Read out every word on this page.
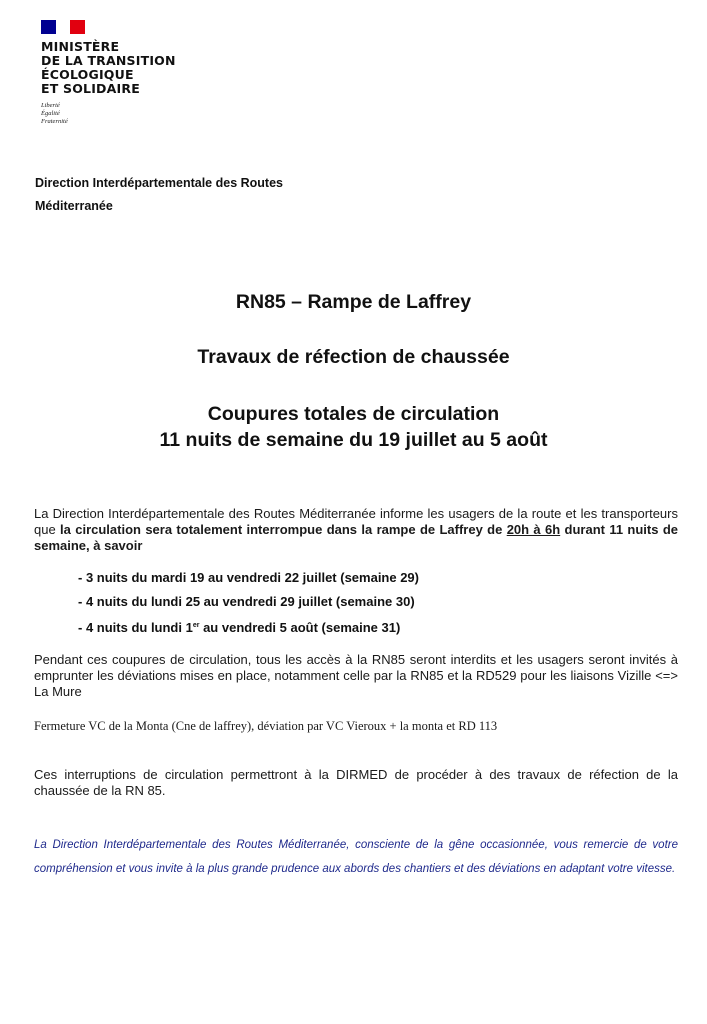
MINISTÈRE
DE LA TRANSITION
ÉCOLOGIQUE
ET SOLIDAIRE
Liberté
Égalité
Fraternité
Direction Interdépartementale des Routes
Méditerranée
RN85 – Rampe de Laffrey
Travaux de réfection de chaussée
Coupures totales de circulation
11 nuits de semaine du 19 juillet au 5 août
La Direction Interdépartementale des Routes Méditerranée informe les usagers de la route et les transporteurs que la circulation sera totalement interrompue dans la rampe de Laffrey de 20h à 6h durant 11 nuits de semaine, à savoir
- 3 nuits du mardi 19 au vendredi 22 juillet (semaine 29)
- 4 nuits du lundi 25 au vendredi 29 juillet (semaine 30)
- 4 nuits du lundi 1er au vendredi 5 août (semaine 31)
Pendant ces coupures de circulation, tous les accès à la RN85 seront interdits et les usagers seront invités à emprunter les déviations mises en place, notamment celle par la RN85 et la RD529 pour les liaisons Vizille <=> La Mure
Fermeture VC de la Monta (Cne de laffrey), déviation par VC Vieroux + la monta et RD 113
Ces interruptions de circulation permettront à la DIRMED de procéder à des travaux de réfection de la chaussée de la RN 85.
La Direction Interdépartementale des Routes Méditerranée, consciente de la gêne occasionnée, vous remercie de votre compréhension et vous invite à la plus grande prudence aux abords des chantiers et des déviations en adaptant votre vitesse.
